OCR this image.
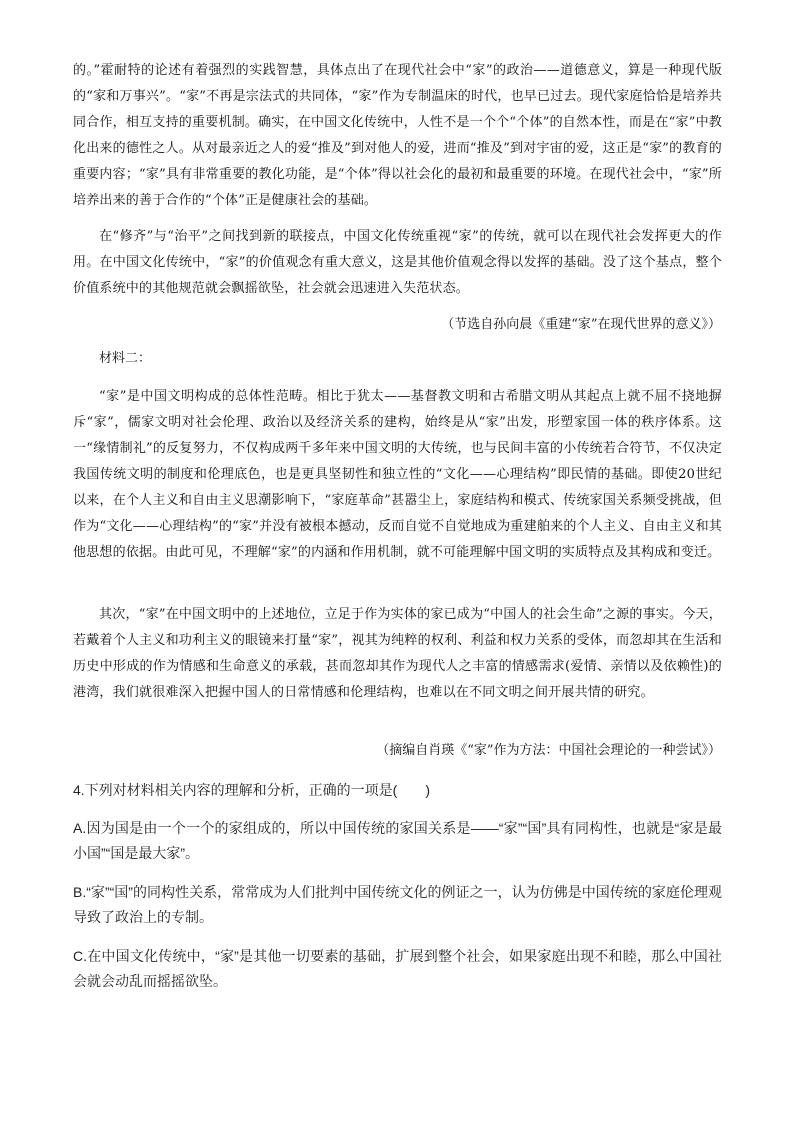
的。”霍耐特的论述有着强烈的实践智慧，具体点出了在现代社会中“家”的政治——道德意义，算是一种现代版的“家和万事兴”。“家”不再是宗法式的共同体，“家”作为专制温床的时代，也早已过去。现代家庭恰恰是培养共同合作，相互支持的重要机制。确实，在中国文化传统中，人性不是一个个“个体”的自然本性，而是在“家”中教化出来的德性之人。从对最亲近之人的爱“推及”到对他人的爱，进而“推及”到对宇宙的爱，这正是“家”的教育的重要内容；“家”具有非常重要的教化功能，是“个体”得以社会化的最初和最重要的环境。在现代社会中，“家”所培养出来的善于合作的“个体”正是健康社会的基础。

在“修齐”与“治平”之间找到新的联接点，中国文化传统重视“家”的传统，就可以在现代社会发挥更大的作用。在中国文化传统中，“家”的价值观念有重大意义，这是其他价值观念得以发挥的基础。没了这个基点，整个价值系统中的其他规范就会飘摇欲坠，社会就会迅速进入失范状态。

（节选自孙向晨《重建“家”在现代世界的意义》）

材料二：

“家”是中国文明构成的总体性范畴。相比于犹太——基督教文明和古希腊文明从其起点上就不屈不挠地摒斥“家”，儒家文明对社会伦理、政治以及经济关系的建构，始终是从“家”出发，形塑家国一体的秩序体系。这一“缘情制礼”的反复努力，不仅构成两千多年来中国文明的大传统，也与民间丰富的小传统若合符节，不仅决定我国传统文明的制度和伦理底色，也是更具坚韧性和独立性的“文化——心理结构”即民情的基础。即使20世纪以来，在个人主义和自由主义思潮影响下，“家庭革命”甚嚣尘上，家庭结构和模式、传统家国关系频受挑战，但作为“文化——心理结构”的“家”并没有被根本撼动，反而自觉不自觉地成为重建舶来的个人主义、自由主义和其他思想的依据。由此可见，不理解“家”的内涵和作用机制，就不可能理解中国文明的实质特点及其构成和变迁。

其次，“家”在中国文明中的上述地位，立足于作为实体的家已成为“中国人的社会生命”之源的事实。今天，若戴着个人主义和功利主义的眼镜来打量“家”，视其为纯粹的权利、利益和权力关系的受体，而忽却其在生活和历史中形成的作为情感和生命意义的承载，甚而忽却其作为现代人之丰富的情感需求(爱情、亲情以及依赖性)的港湾，我们就很难深入把握中国人的日常情感和伦理结构，也难以在不同文明之间开展共情的研究。

（摘编自肖瑛《“家”作为方法：中国社会理论的一种尝试》）

4.下列对材料相关内容的理解和分析，正确的一项是(　　)

A.因为国是由一个一个的家组成的，所以中国传统的家国关系是——“家”“国”具有同构性，也就是“家是最小国”“国是最大家”。

B.“家”“国”的同构性关系，常常成为人们批判中国传统文化的例证之一，认为仿佛是中国传统的家庭伦理观导致了政治上的专制。

C.在中国文化传统中，“家”是其他一切要素的基础，扩展到整个社会，如果家庭出现不和睦，那么中国社会就会动乱而摇摇欲坠。
